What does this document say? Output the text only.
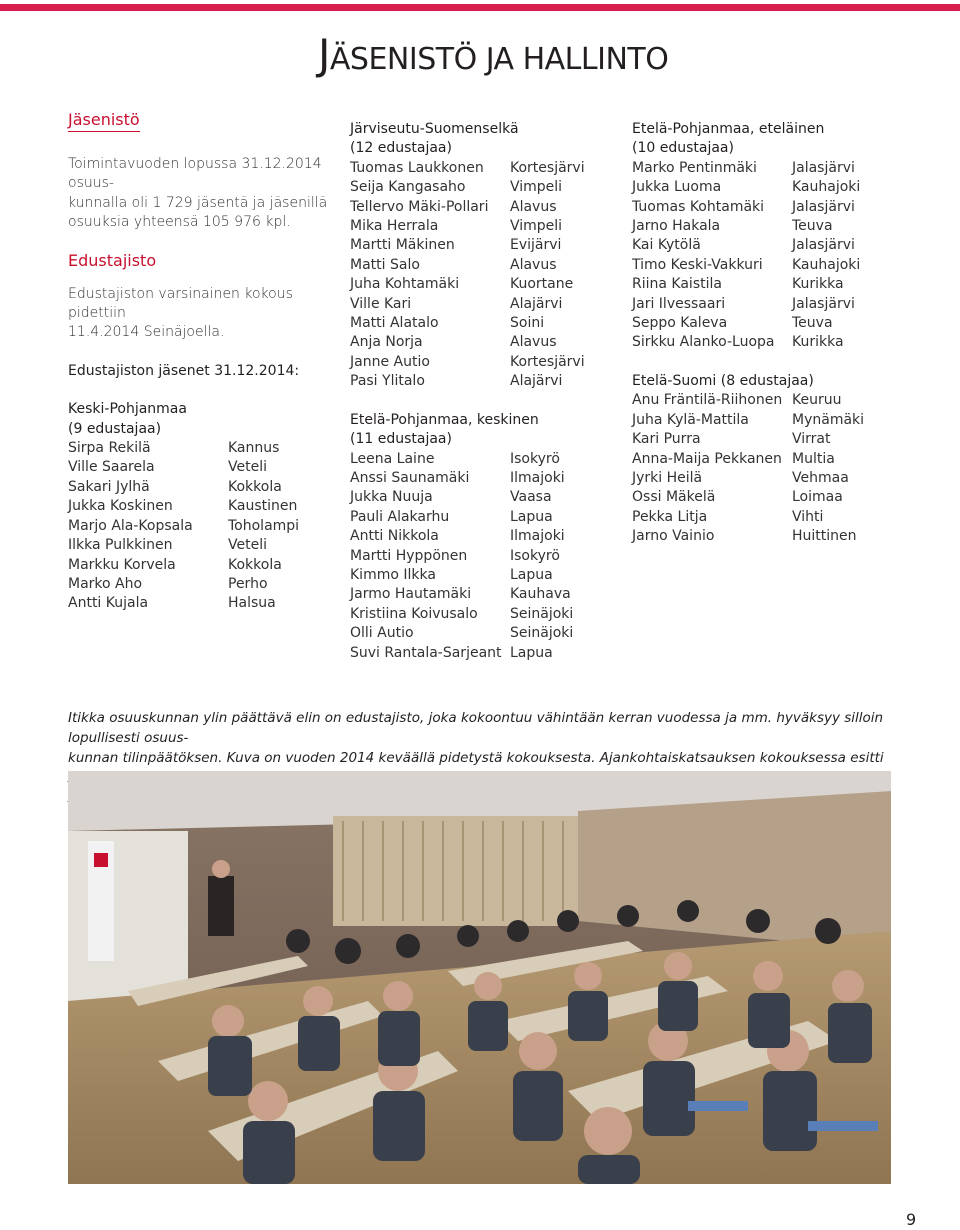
JÄSENISTÖ JA HALLINTO
Jäsenistö

Toimintavuoden lopussa 31.12.2014 osuus-

kunnalla oli 1 729 jäsentä ja jäsenillä

osuuksia yhteensä 105 976 kpl.

Edustajisto

Edustajiston varsinainen kokous pidettiin

11.4.2014 Seinäjoella.

Edustajiston jäsenet 31.12.2014:
Keski-Pohjanmaa
(9 edustajaa)
Sirpa Rekilä	Kannus
Ville Saarela	Veteli
Sakari Jylhä	Kokkola
Jukka Koskinen	Kaustinen
Marjo Ala-Kopsala	Toholampi
Ilkka Pulkkinen	Veteli
Markku Korvela	Kokkola
Marko Aho	Perho
Antti Kujala	Halsua
Järviseutu-Suomenselkä
(12 edustajaa)
Tuomas Laukkonen	Kortesjärvi
Seija Kangasaho	Vimpeli
Tellervo Mäki-Pollari	Alavus
Mika Herrala	Vimpeli
Martti Mäkinen	Evijärvi
Matti Salo	Alavus
Juha Kohtamäki	Kuortane
Ville Kari	Alajärvi
Matti Alatalo	Soini
Anja Norja	Alavus
Janne Autio	Kortesjärvi
Pasi Ylitalo	Alajärvi
Etelä-Pohjanmaa, keskinen
(11 edustajaa)
Leena Laine	Isokyrö
Anssi Saunamäki	Ilmajoki
Jukka Nuuja	Vaasa
Pauli Alakarhu	Lapua
Antti Nikkola	Ilmajoki
Martti Hyppönen	Isokyrö
Kimmo Ilkka	Lapua
Jarmo Hautamäki	Kauhava
Kristiina Koivusalo	Seinäjoki
Olli Autio	Seinäjoki
Suvi Rantala-Sarjeant Lapua
Etelä-Pohjanmaa, eteläinen
(10 edustajaa)
Marko Pentinmäki	Jalasjärvi
Jukka Luoma	Kauhajoki
Tuomas Kohtamäki	Jalasjärvi
Jarno Hakala	Teuva
Kai Kytölä	Jalasjärvi
Timo Keski-Vakkuri	Kauhajoki
Riina Kaistila	Kurikka
Jari Ilvessaari	Jalasjärvi
Seppo Kaleva	Teuva
Sirkku Alanko-Luopa	Kurikka
Etelä-Suomi (8 edustajaa)
Anu Fräntilä-Riihonen Keuruu
Juha Kylä-Mattila	Mynämäki
Kari Purra	Virrat
Anna-Maija Pekkanen Multia
Jyrki Heilä	Vehmaa
Ossi Mäkelä	Loimaa
Pekka Litja	Vihti
Jarno Vainio	Huittinen
Itikka osuuskunnan ylin päättävä elin on edustajisto, joka kokoontuu vähintään kerran vuodessa ja mm. hyväksyy silloin lopullisesti osuus-
kunnan tilinpäätöksen. Kuva on vuoden 2014 keväällä pidetystä kokouksesta. Ajankohtaiskatsauksen kokouksessa esitti
9
